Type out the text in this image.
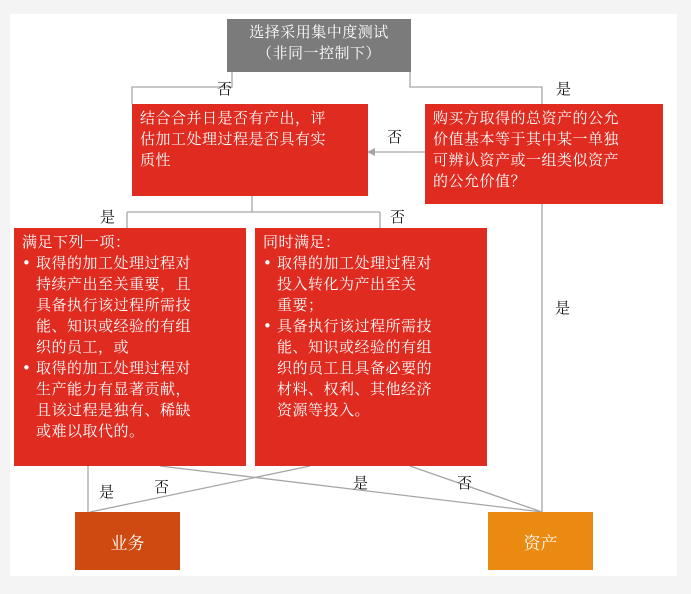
选择采用集中度测试
（非同一控制下）
购买方取得的总资产的公允
价值基本等于其中某一单独
可辨认资产或一组类似资产
的公允价值？
结合合并日是否有产出，评
估加工处理过程是否具有实
质性
满足下列一项：
• 取得的加工处理过程对
持续产出至关重要，且
具备执行该过程所需技
能、知识或经验的有组
织的员工，或
• 取得的加工处理过程对
生产能力有显著贡献，
且该过程是独有、稀缺
或难以取代的。
同时满足：
• 取得的加工处理过程对
投入转化为产出至关
重要；
• 具备执行该过程所需技
能、知识或经验的有组
织的员工且具备必要的
材料、权利、其他经济
资源等投入。
业务	资产
否	是
否
是	否
是
是	否	是	否
